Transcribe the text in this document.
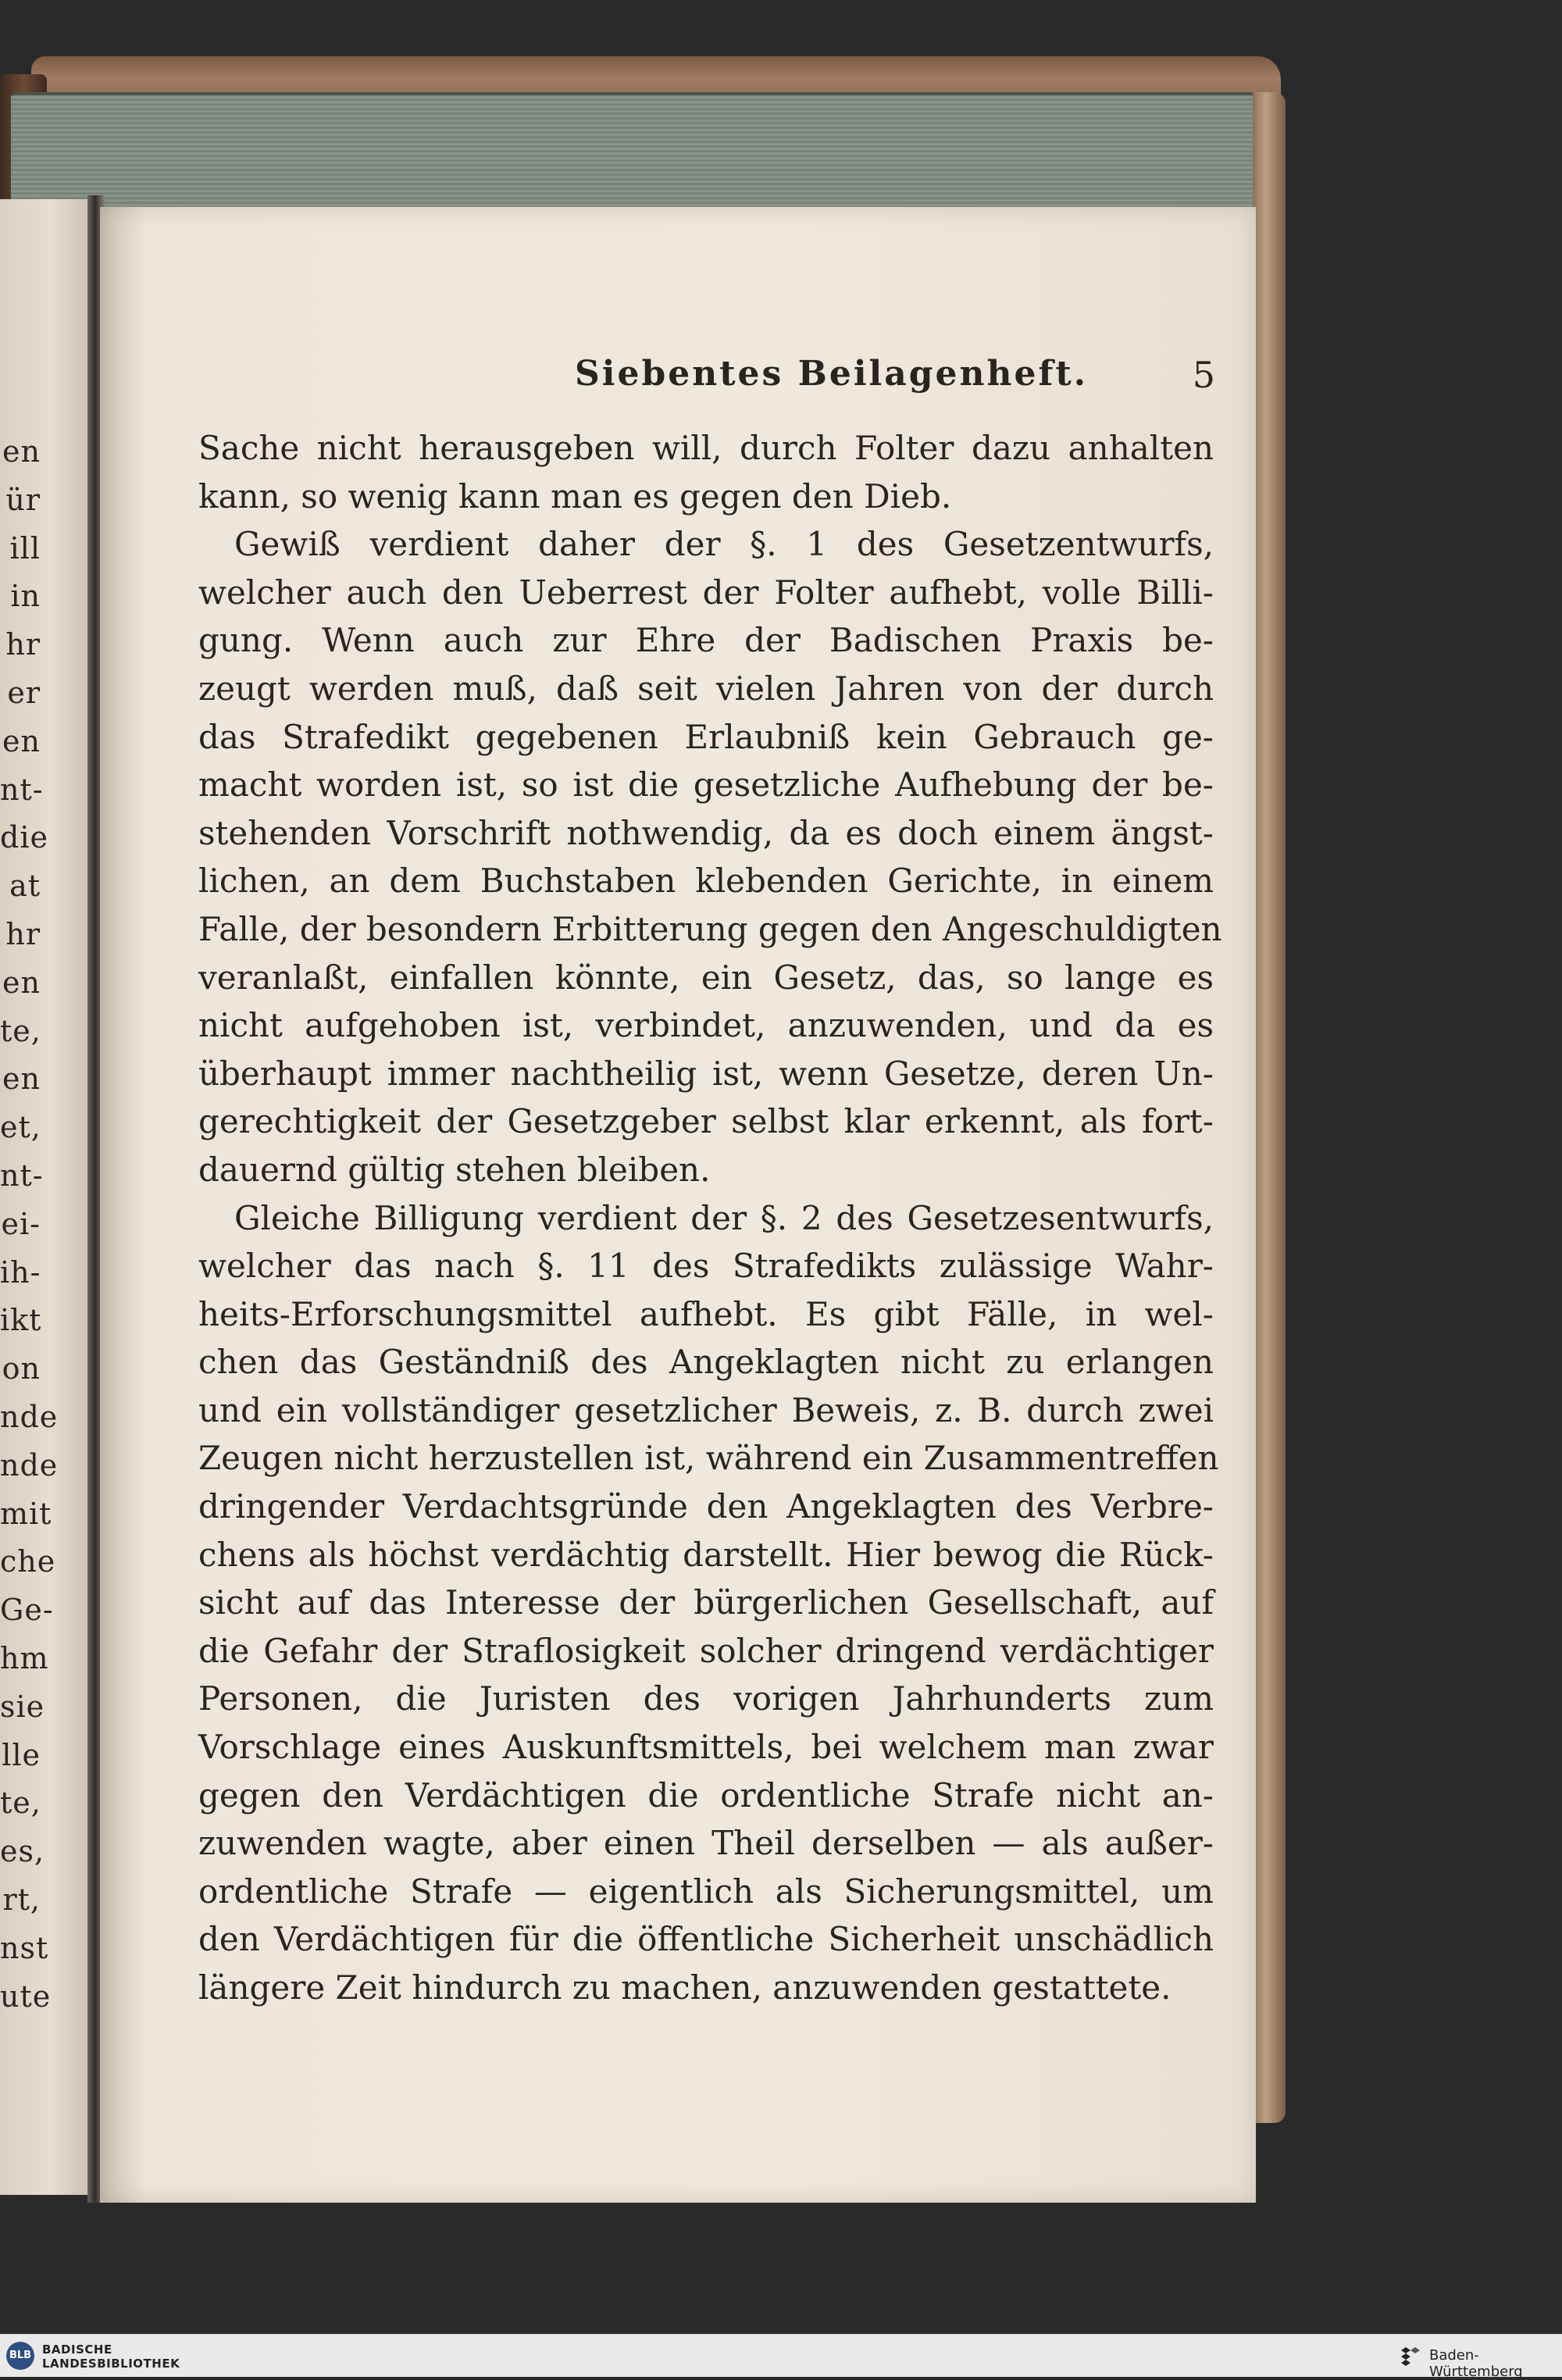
en
ür
ill
in
hr
er
en
nt-
die
at
hr
en
te,
en
et,
nt-
ei-
ih-
ikt
on
nde
nde
mit
che
Ge-
hm
sie
lle
te,
es,
rt,
nst
ute
Siebentes Beilagenheft.	5
Sache nicht herausgeben will, durch Folter dazu anhalten
kann, so wenig kann man es gegen den Dieb.
Gewiß verdient daher der §. 1 des Gesetzentwurfs,
welcher auch den Ueberrest der Folter aufhebt, volle Billi-
gung. Wenn auch zur Ehre der Badischen Praxis be-
zeugt werden muß, daß seit vielen Jahren von der durch
das Strafedikt gegebenen Erlaubniß kein Gebrauch ge-
macht worden ist, so ist die gesetzliche Aufhebung der be-
stehenden Vorschrift nothwendig, da es doch einem ängst-
lichen, an dem Buchstaben klebenden Gerichte, in einem
Falle, der besondern Erbitterung gegen den Angeschuldigten
veranlaßt, einfallen könnte, ein Gesetz, das, so lange es
nicht aufgehoben ist, verbindet, anzuwenden, und da es
überhaupt immer nachtheilig ist, wenn Gesetze, deren Un-
gerechtigkeit der Gesetzgeber selbst klar erkennt, als fort-
dauernd gültig stehen bleiben.
Gleiche Billigung verdient der §. 2 des Gesetzesentwurfs,
welcher das nach §. 11 des Strafedikts zulässige Wahr-
heits-Erforschungsmittel aufhebt. Es gibt Fälle, in wel-
chen das Geständniß des Angeklagten nicht zu erlangen
und ein vollständiger gesetzlicher Beweis, z. B. durch zwei
Zeugen nicht herzustellen ist, während ein Zusammentreffen
dringender Verdachtsgründe den Angeklagten des Verbre-
chens als höchst verdächtig darstellt. Hier bewog die Rück-
sicht auf das Interesse der bürgerlichen Gesellschaft, auf
die Gefahr der Straflosigkeit solcher dringend verdächtiger
Personen, die Juristen des vorigen Jahrhunderts zum
Vorschlage eines Auskunftsmittels, bei welchem man zwar
gegen den Verdächtigen die ordentliche Strafe nicht an-
zuwenden wagte, aber einen Theil derselben — als außer-
ordentliche Strafe — eigentlich als Sicherungsmittel, um
den Verdächtigen für die öffentliche Sicherheit unschädlich
längere Zeit hindurch zu machen, anzuwenden gestattete.
BLB BADISCHE
LANDESBIBLIOTHEK	Baden-Württemberg
